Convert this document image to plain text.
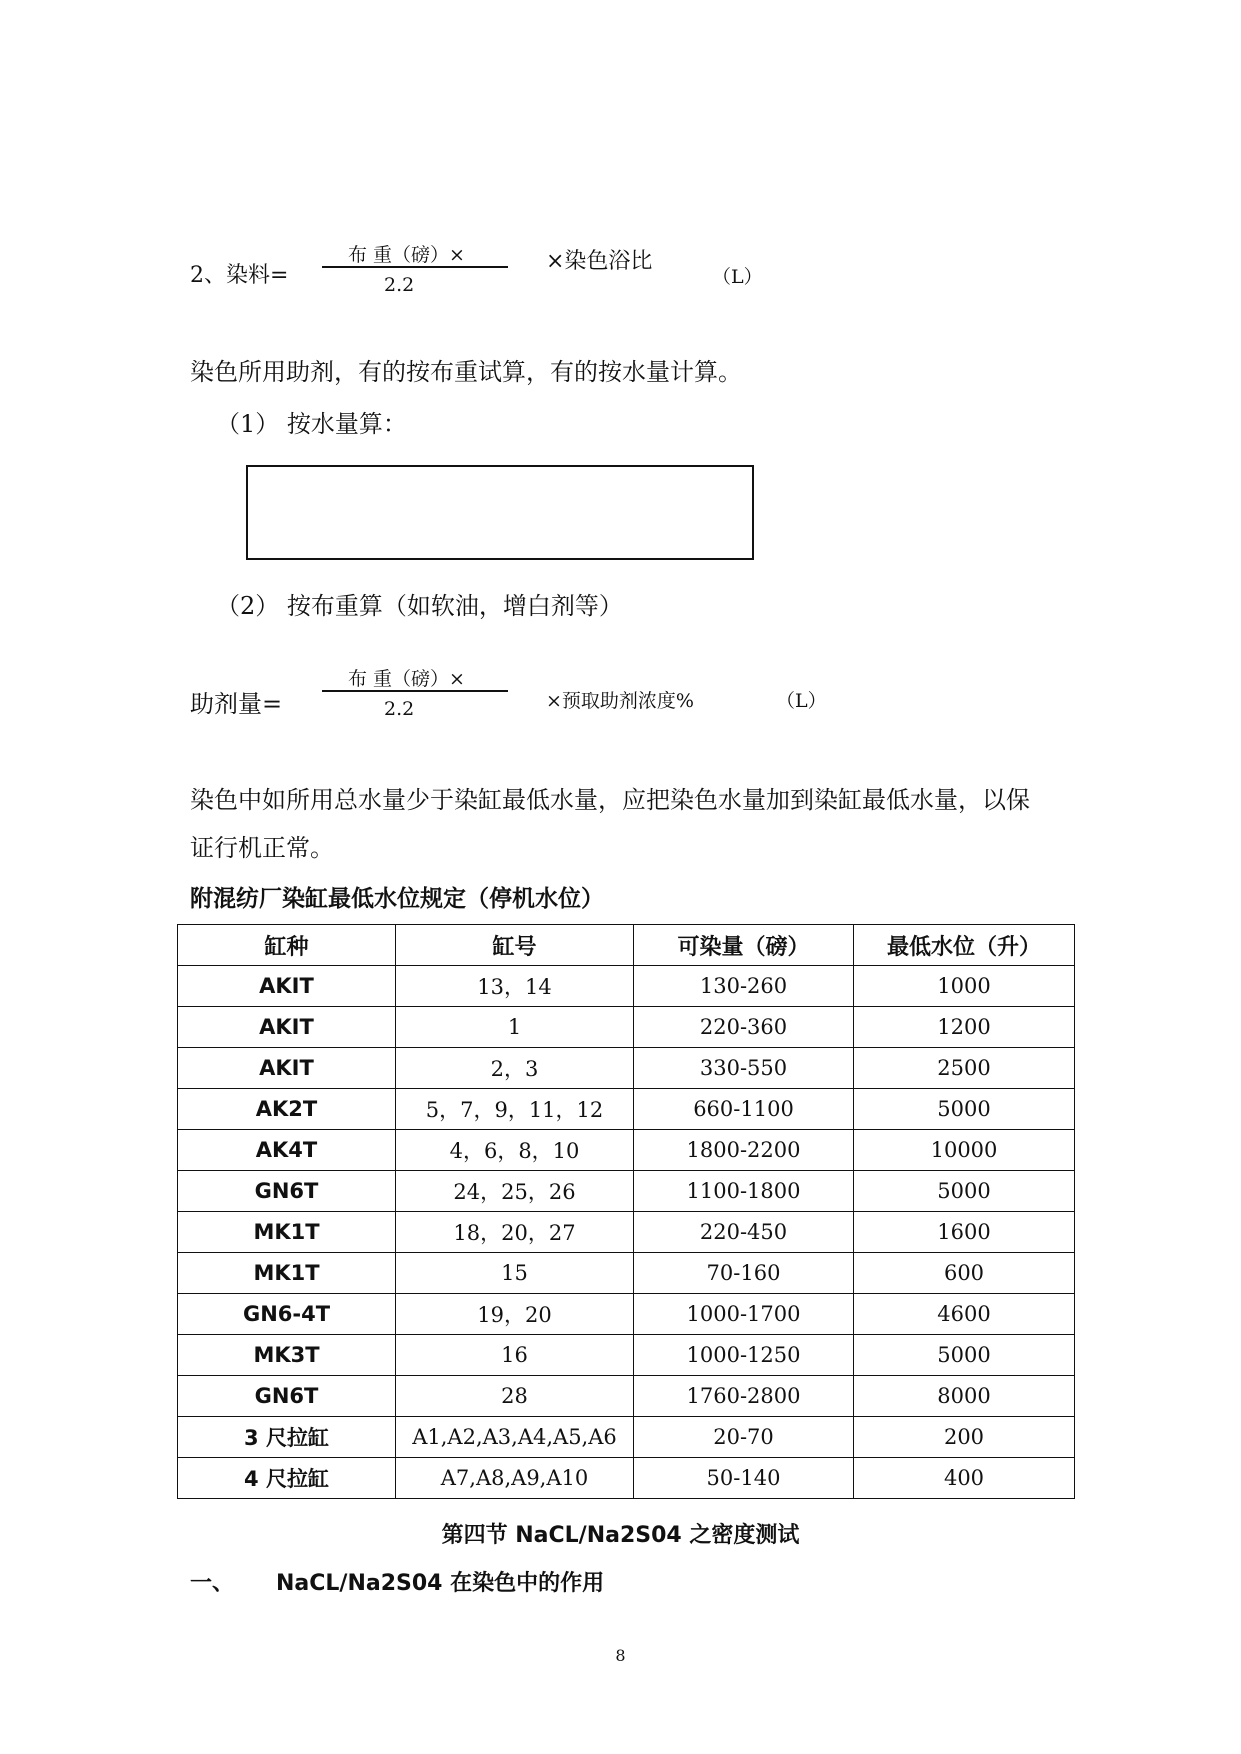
2、染料=
布 重（磅）×
2.2
×染色浴比
（L）
染色所用助剂，有的按布重试算，有的按水量计算。
（1） 按水量算：
（2） 按布重算（如软油，增白剂等）
助剂量=
布 重（磅）×
2.2	×预取助剂浓度%	（L）
染色中如所用总水量少于染缸最低水量，应把染色水量加到染缸最低水量，以保
证行机正常。
附混纺厂染缸最低水位规定（停机水位）
缸种	缸号	可染量（磅）	最低水位（升）
AKIT	13，14	130-260	1000
AKIT	1	220-360	1200
AKIT	2，3	330-550	2500
AK2T	5，7，9，11，12	660-1100	5000
AK4T	4，6，8，10	1800-2200	10000
GN6T	24，25，26	1100-1800	5000
MK1T	18，20，27	220-450	1600
MK1T	15	70-160	600
GN6-4T	19，20	1000-1700	4600
MK3T	16	1000-1250	5000
GN6T	28	1760-2800	8000
3 尺拉缸	A1,A2,A3,A4,A5,A6	20-70	200
4 尺拉缸	A7,A8,A9,A10	50-140	400
第四节 NaCL/Na2S04 之密度测试
一、 NaCL/Na2S04 在染色中的作用
8
